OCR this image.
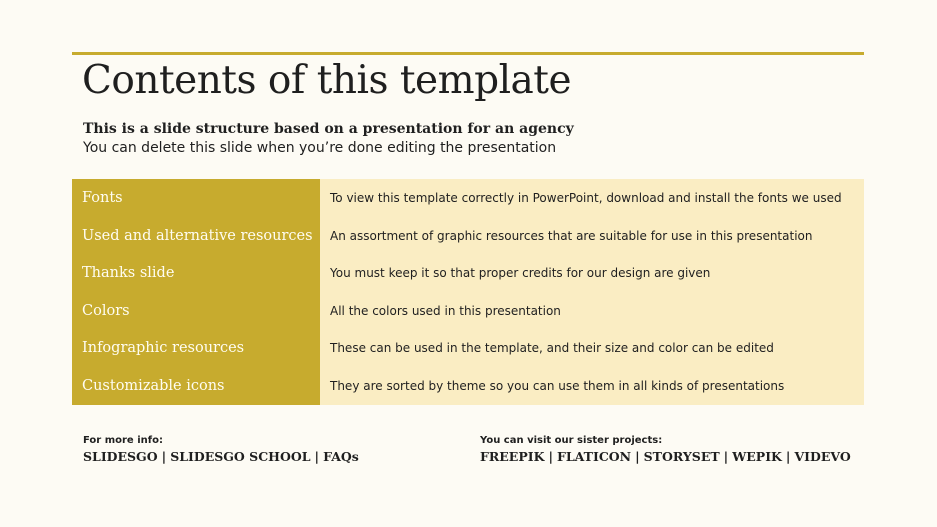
Contents of this template
This is a slide structure based on a presentation for an agency
You can delete this slide when you’re done editing the presentation
Fonts
Used and alternative resources
Thanks slide
Colors
Infographic resources
Customizable icons
To view this template correctly in PowerPoint, download and install the fonts we used
An assortment of graphic resources that are suitable for use in this presentation
You must keep it so that proper credits for our design are given
All the colors used in this presentation
These can be used in the template, and their size and color can be edited
They are sorted by theme so you can use them in all kinds of presentations
For more info:
SLIDESGO | SLIDESGO SCHOOL | FAQs
You can visit our sister projects:
FREEPIK | FLATICON | STORYSET | WEPIK | VIDEVO
